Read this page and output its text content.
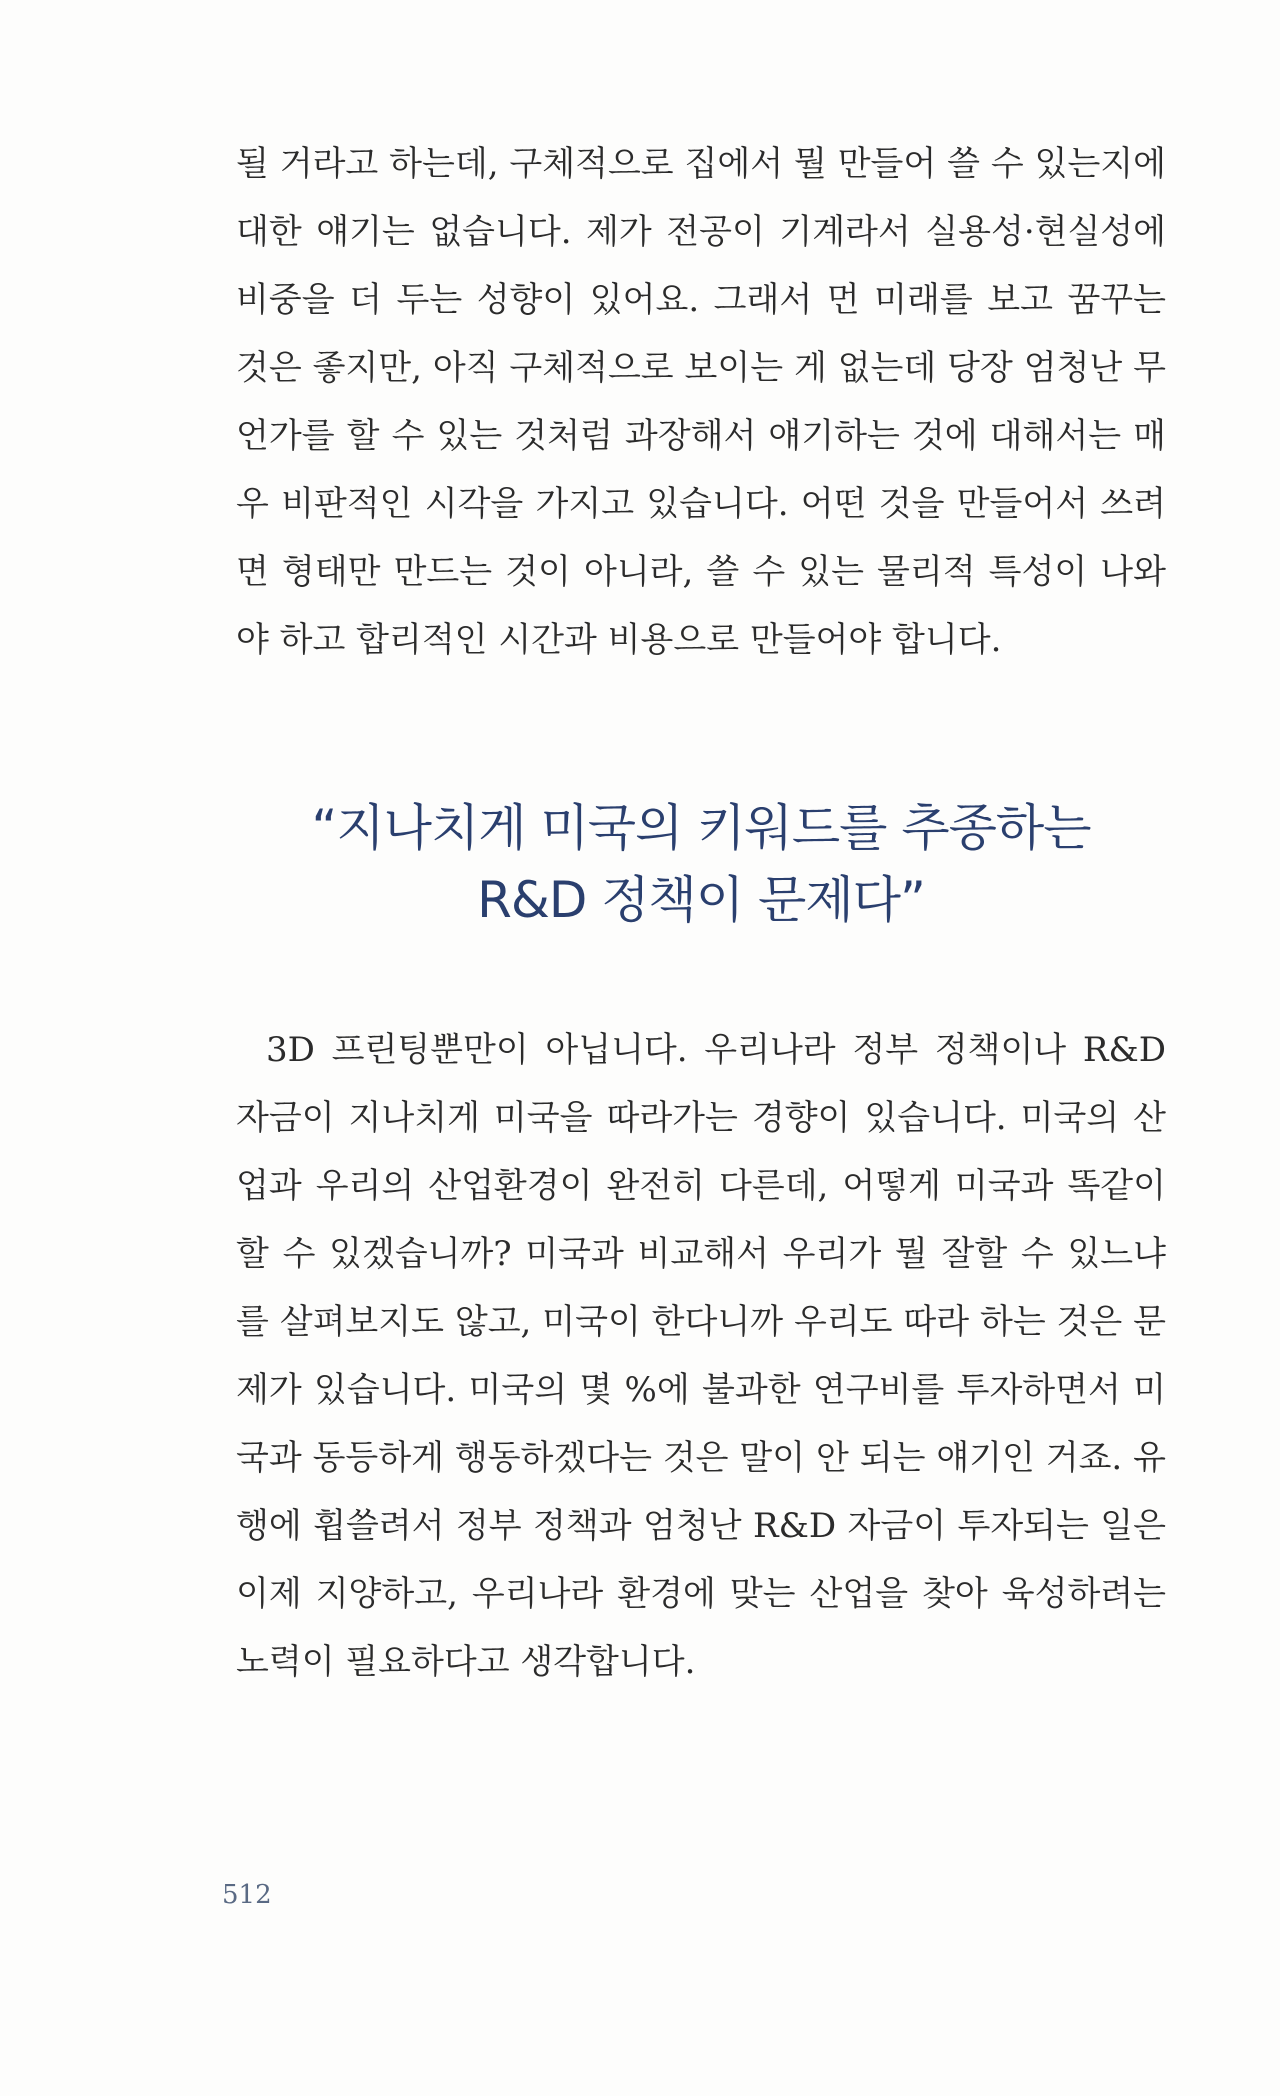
될 거라고 하는데, 구체적으로 집에서 뭘 만들어 쓸 수 있는지에 대한 얘기는 없습니다. 제가 전공이 기계라서 실용성·현실성에 비중을 더 두는 성향이 있어요. 그래서 먼 미래를 보고 꿈꾸는 것은 좋지만, 아직 구체적으로 보이는 게 없는데 당장 엄청난 무언가를 할 수 있는 것처럼 과장해서 얘기하는 것에 대해서는 매우 비판적인 시각을 가지고 있습니다. 어떤 것을 만들어서 쓰려면 형태만 만드는 것이 아니라, 쓸 수 있는 물리적 특성이 나와야 하고 합리적인 시간과 비용으로 만들어야 합니다.

“지나치게 미국의 키워드를 추종하는
R&D 정책이 문제다”

3D 프린팅뿐만이 아닙니다. 우리나라 정부 정책이나 R&D 자금이 지나치게 미국을 따라가는 경향이 있습니다. 미국의 산업과 우리의 산업환경이 완전히 다른데, 어떻게 미국과 똑같이 할 수 있겠습니까? 미국과 비교해서 우리가 뭘 잘할 수 있느냐를 살펴보지도 않고, 미국이 한다니까 우리도 따라 하는 것은 문제가 있습니다. 미국의 몇 %에 불과한 연구비를 투자하면서 미국과 동등하게 행동하겠다는 것은 말이 안 되는 얘기인 거죠. 유행에 휩쓸려서 정부 정책과 엄청난 R&D 자금이 투자되는 일은 이제 지양하고, 우리나라 환경에 맞는 산업을 찾아 육성하려는 노력이 필요하다고 생각합니다.

512
